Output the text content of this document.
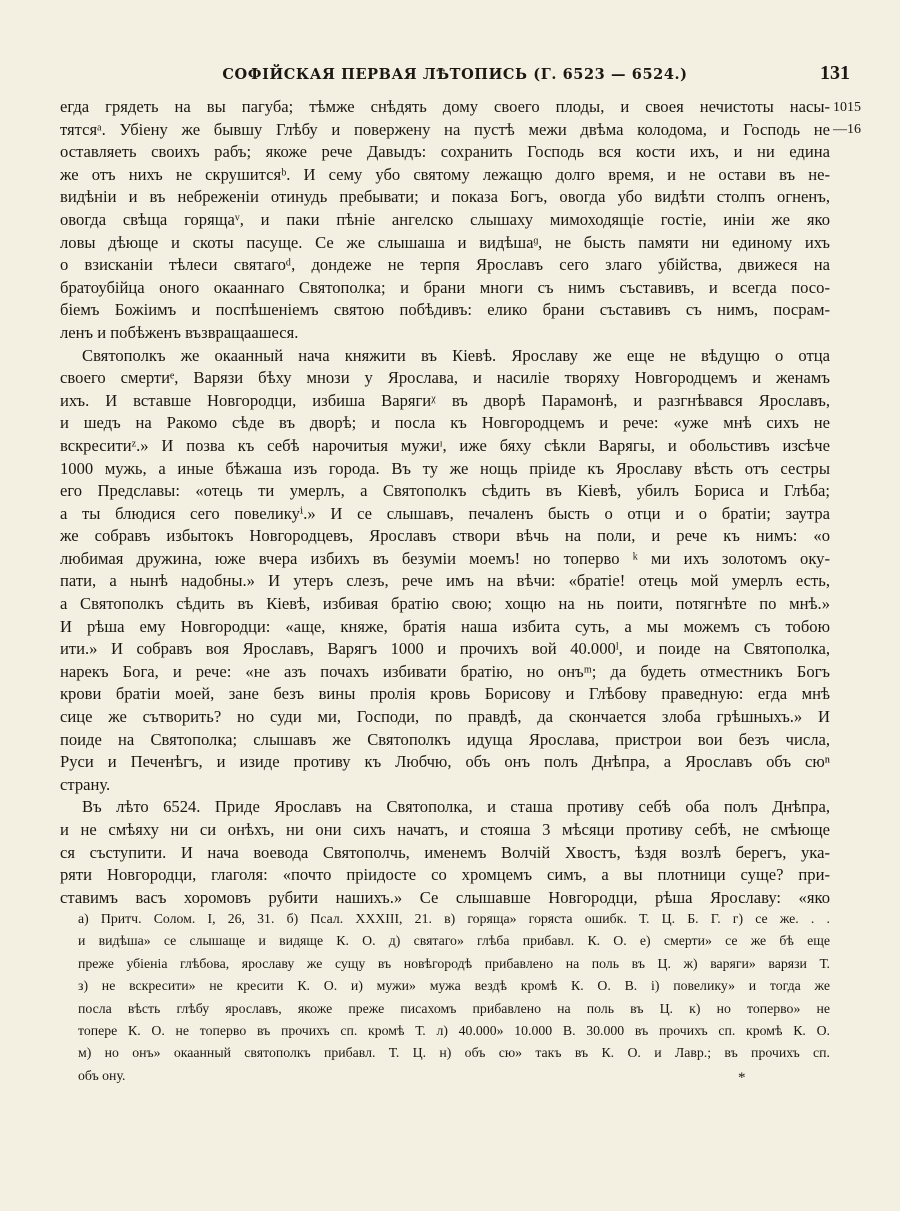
СОФІЙСКАЯ ПЕРВАЯ ЛѢТОПИСЬ (Г. 6523 — 6524.)	131
1015
—16
егда грядеть на вы пагуба; тѣмже снѣдять дому своего плоды, и своея нечистоты насы-
тятсяᵃ. Убіену же бывшу Глѣбу и повержену на пустѣ межи двѣма колодома, и Господь не
оставляеть своихъ рабъ; якоже рече Давыдъ: сохранить Господь вся кости ихъ, и ни едина
же отъ нихъ не скрушитсяᵇ. И сему убо святому лежащю долго время, и не остави въ не-
видѣніи и въ небреженіи отинудь пребывати; и показа Богъ, овогда убо видѣти столпъ огненъ,
овогда свѣща горящаᵛ, и паки пѣніе ангелско слышаху мимоходящіе гостіе, иніи же яко
ловы дѣюще и скоты пасуще. Се же слышаша и видѣшаᶢ, не бысть памяти ни единому ихъ
о взисканіи тѣлеси святагоᵈ, дондеже не терпя Ярославъ сего злаго убійства, движеся на
братоубійца оного окааннаго Святополка; и брани многи съ нимъ съставивъ, и всегда посо-
біемъ Божіимъ и поспѣшеніемъ святою побѣдивъ: елико брани съставивъ съ нимъ, посрам-
ленъ и побѣженъ възвращаашеся.
Святополкъ же окаанный нача княжити въ Кіевѣ. Ярославу же еще не вѣдущю о отца
своего смертиᵉ, Варязи бѣху мнози у Ярослава, и насиліе творяху Новгородцемъ и женамъ
ихъ. И вставше Новгородци, избиша Варягиᵡ въ дворѣ Парамонѣ, и разгнѣвався Ярославъ,
и шедъ на Ракомо сѣде въ дворѣ; и посла къ Новгородцемъ и рече: «уже мнѣ сихъ не
вскреситиᶻ.» И позва къ себѣ нарочитыя мужиᶦ, иже бяху сѣкли Варягы, и обольстивъ изсѣче
1000 мужь, а иные бѣжаша изъ города. Въ ту же нощь пріиде къ Ярославу вѣсть отъ сестры
его Предславы: «отець ти умерлъ, а Святополкъ сѣдить въ Кіевѣ, убилъ Бориса и Глѣба;
а ты блюдися сего повеликуⁱ.» И се слышавъ, печаленъ бысть о отци и о братіи; заутра
же собравъ избытокъ Новгородцевъ, Ярославъ створи вѣчь на поли, и рече къ нимъ: «о
любимая дружина, юже вчера избихъ въ безуміи моемъ! но топерво ᵏ ми ихъ золотомъ оку-
пати, а нынѣ надобны.» И утеръ слезъ, рече имъ на вѣчи: «братіе! отець мой умерлъ есть,
а Святополкъ сѣдить въ Кіевѣ, избивая братію свою; хощю на нь поити, потягнѣте по мнѣ.»
И рѣша ему Новгородци: «аще, княже, братія наша избита суть, а мы можемъ съ тобою
ити.» И собравъ воя Ярославъ, Варягъ 1000 и прочихъ вой 40.000ˡ, и поиде на Святополка,
нарекъ Бога, и рече: «не азъ почахъ избивати братію, но онъᵐ; да будеть отместникъ Богъ
крови братіи моей, зане безъ вины пролія кровь Борисову и Глѣбову праведную: егда мнѣ
сице же сътворить? но суди ми, Господи, по правдѣ, да скончается злоба грѣшныхъ.» И
поиде на Святополка; слышавъ же Святополкъ идуща Ярослава, пристрои вои безъ числа,
Руси и Печенѣгъ, и изиде противу къ Любчю, объ онъ полъ Днѣпра, а Ярославъ объ сюⁿ
страну.
Въ лѣто 6524. Приде Ярославъ на Святополка, и сташа противу себѣ оба полъ Днѣпра,
и не смѣяху ни си онѣхъ, ни они сихъ начатъ, и стояша 3 мѣсяци противу себѣ, не смѣюще
ся съступити. И нача воевода Святополчь, именемъ Волчій Хвостъ, ѣздя возлѣ берегъ, ука-
ряти Новгородци, глаголя: «почто пріидосте со хромцемъ симъ, а вы плотници суще? при-
ставимъ васъ хоромовъ рубити нашихъ.» Се слышавше Новгородци, рѣша Ярославу: «яко
а) Притч. Солом. I, 26, 31. б) Псал. XXXIII, 21. в) горяща» горяста ошибк. Т. Ц. Б. Г. г) се же. . .
и видѣша» се слышаще и видяще К. О. д) святаго» глѣба прибавл. К. О. е) смерти» се же бѣ еще
преже убіеніа глѣбова, ярославу же сущу въ новѣгородѣ прибавлено на поль въ Ц. ж) варяги» варязи Т.
з) не вскресити» не кресити К. О. и) мужи» мужа вездѣ кромѣ К. О. В. і) повелику» и тогда же
посла вѣсть глѣбу ярославъ, якоже преже писахомъ прибавлено на поль въ Ц. к) но топерво» не
топере К. О. не топерво въ прочихъ сп. кромѣ Т. л) 40.000» 10.000 В. 30.000 въ прочихъ сп. кромѣ К. О.
м) но онъ» окаанный святополкъ прибавл. Т. Ц. н) объ сю» такъ въ К. О. и Лавр.; въ прочихъ сп.
объ ону.	*
